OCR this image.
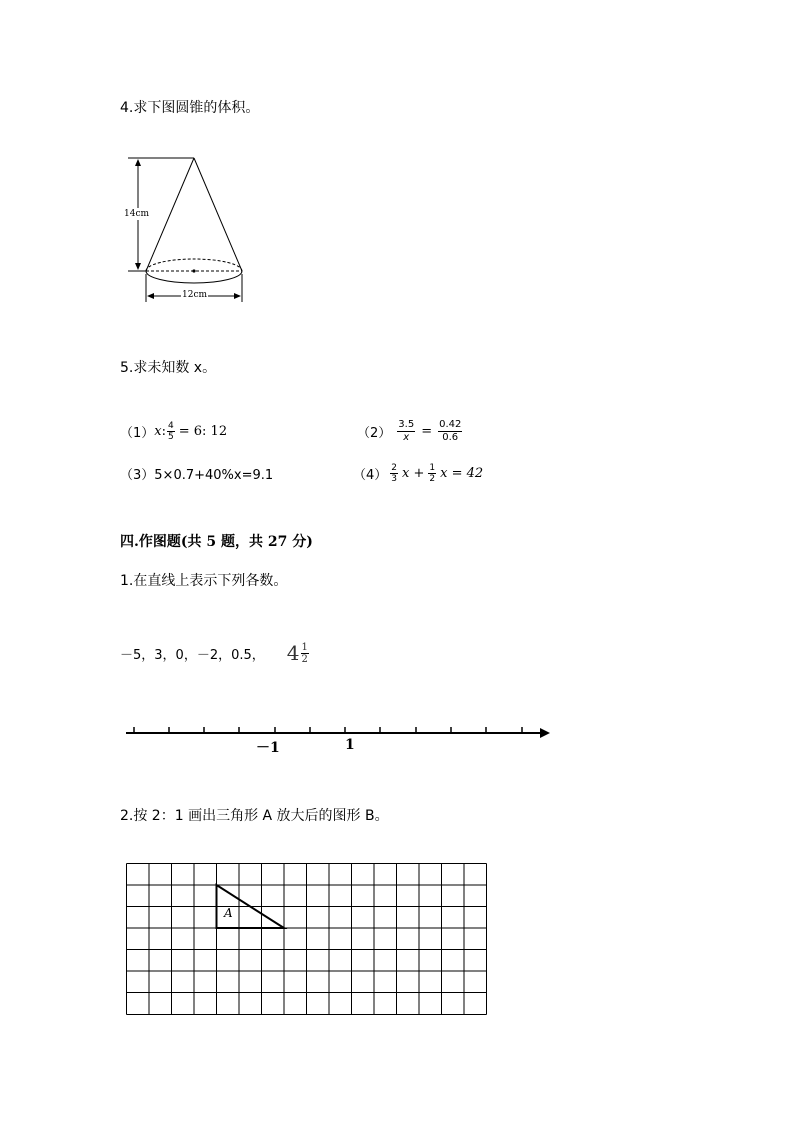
4.求下图圆锥的体积。
14cm
12cm
5.求未知数 x。
（1） x : $\frac{4}{5} = 6$: 12	$(2) \frac{3.5}{x} = \frac{0.42}{0.6}$
（3）5×0.7+40%x=9.1	$(4) \frac{2}{3}$ $x + \frac{1}{2}$ x = 42
四.作图题(共 5 题，共 27 分)
1.在直线上表示下列各数。
－5，3，0，－2，0.5， $4 \frac{1}{2}$
－1	1
2.按 2：1 画出三角形 A 放大后的图形 B。
A
